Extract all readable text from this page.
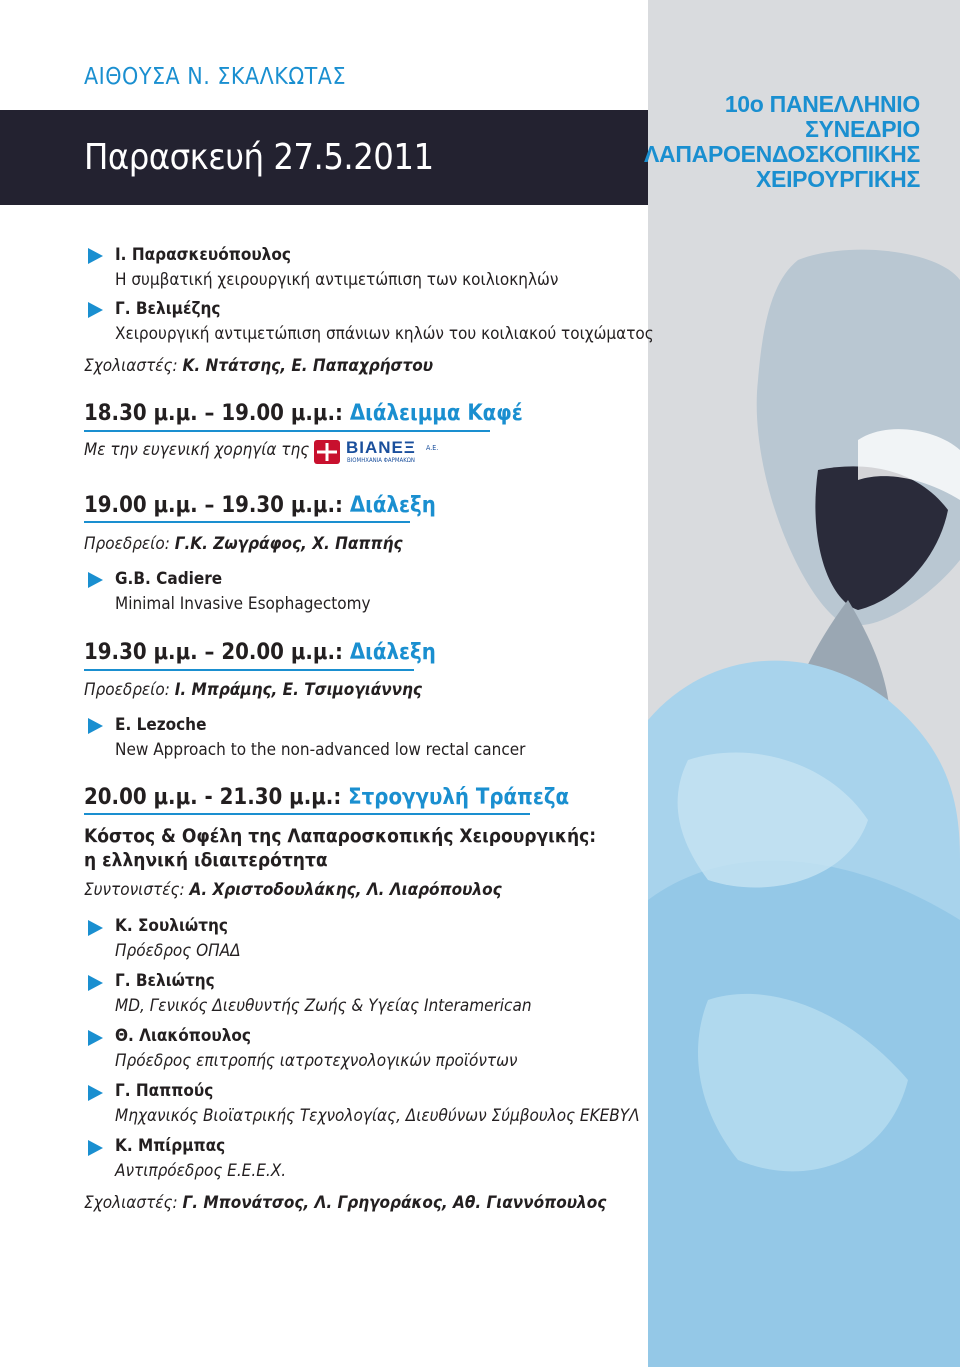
ΑΙΘΟΥΣΑ Ν. ΣΚΑΛΚΩΤΑΣ
Παρασκευή 27.5.2011
10ο ΠΑΝΕΛΛΗΝΙΟ
ΣΥΝΕΔΡΙΟ
ΛΑΠΑΡΟΕΝΔΟΣΚΟΠΙΚΗΣ
ΧΕΙΡΟΥΡΓΙΚΗΣ
Ι. Παρασκευόπουλος
Η συμβατική χειρουργική αντιμετώπιση των κοιλιοκηλών
Γ. Βελιμέζης
Χειρουργική αντιμετώπιση σπάνιων κηλών του κοιλιακού τοιχώματος
Σχολιαστές: Κ. Ντάτσης, Ε. Παπαχρήστου
18.30 μ.μ. – 19.00 μ.μ.: Διάλειμμα Καφέ
Με την ευγενική χορηγία της ΒΙΑΝΕΞ Α.Ε.
ΒΙΟΜΗΧΑΝΙΑ ΦΑΡΜΑΚΩΝ
19.00 μ.μ. – 19.30 μ.μ.: Διάλεξη
Προεδρείο: Γ.Κ. Ζωγράφος, Χ. Παππής
G.B. Cadiere
Minimal Invasive Esophagectomy
19.30 μ.μ. – 20.00 μ.μ.: Διάλεξη
Προεδρείο: Ι. Μπράμης, Ε. Τσιμογιάννης
E. Lezoche
New Approach to the non-advanced low rectal cancer
20.00 μ.μ. - 21.30 μ.μ.: Στρογγυλή Τράπεζα
Κόστος & Οφέλη της Λαπαροσκοπικής Χειρουργικής:
η ελληνική ιδιαιτερότητα
Συντονιστές: Α. Χριστοδουλάκης, Λ. Λιαρόπουλος
Κ. Σουλιώτης
Πρόεδρος ΟΠΑΔ
Γ. Βελιώτης
MD, Γενικός Διευθυντής Ζωής & Υγείας Interamerican
Θ. Λιακόπουλος
Πρόεδρος επιτροπής ιατροτεχνολογικών προϊόντων
Γ. Παππούς
Μηχανικός Βιοϊατρικής Τεχνολογίας, Διευθύνων Σύμβουλος ΕΚΕΒΥΛ
Κ. Μπίρμπας
Αντιπρόεδρος Ε.Ε.Ε.Χ.
Σχολιαστές: Γ. Μπονάτσος, Λ. Γρηγοράκος, Αθ. Γιαννόπουλος
